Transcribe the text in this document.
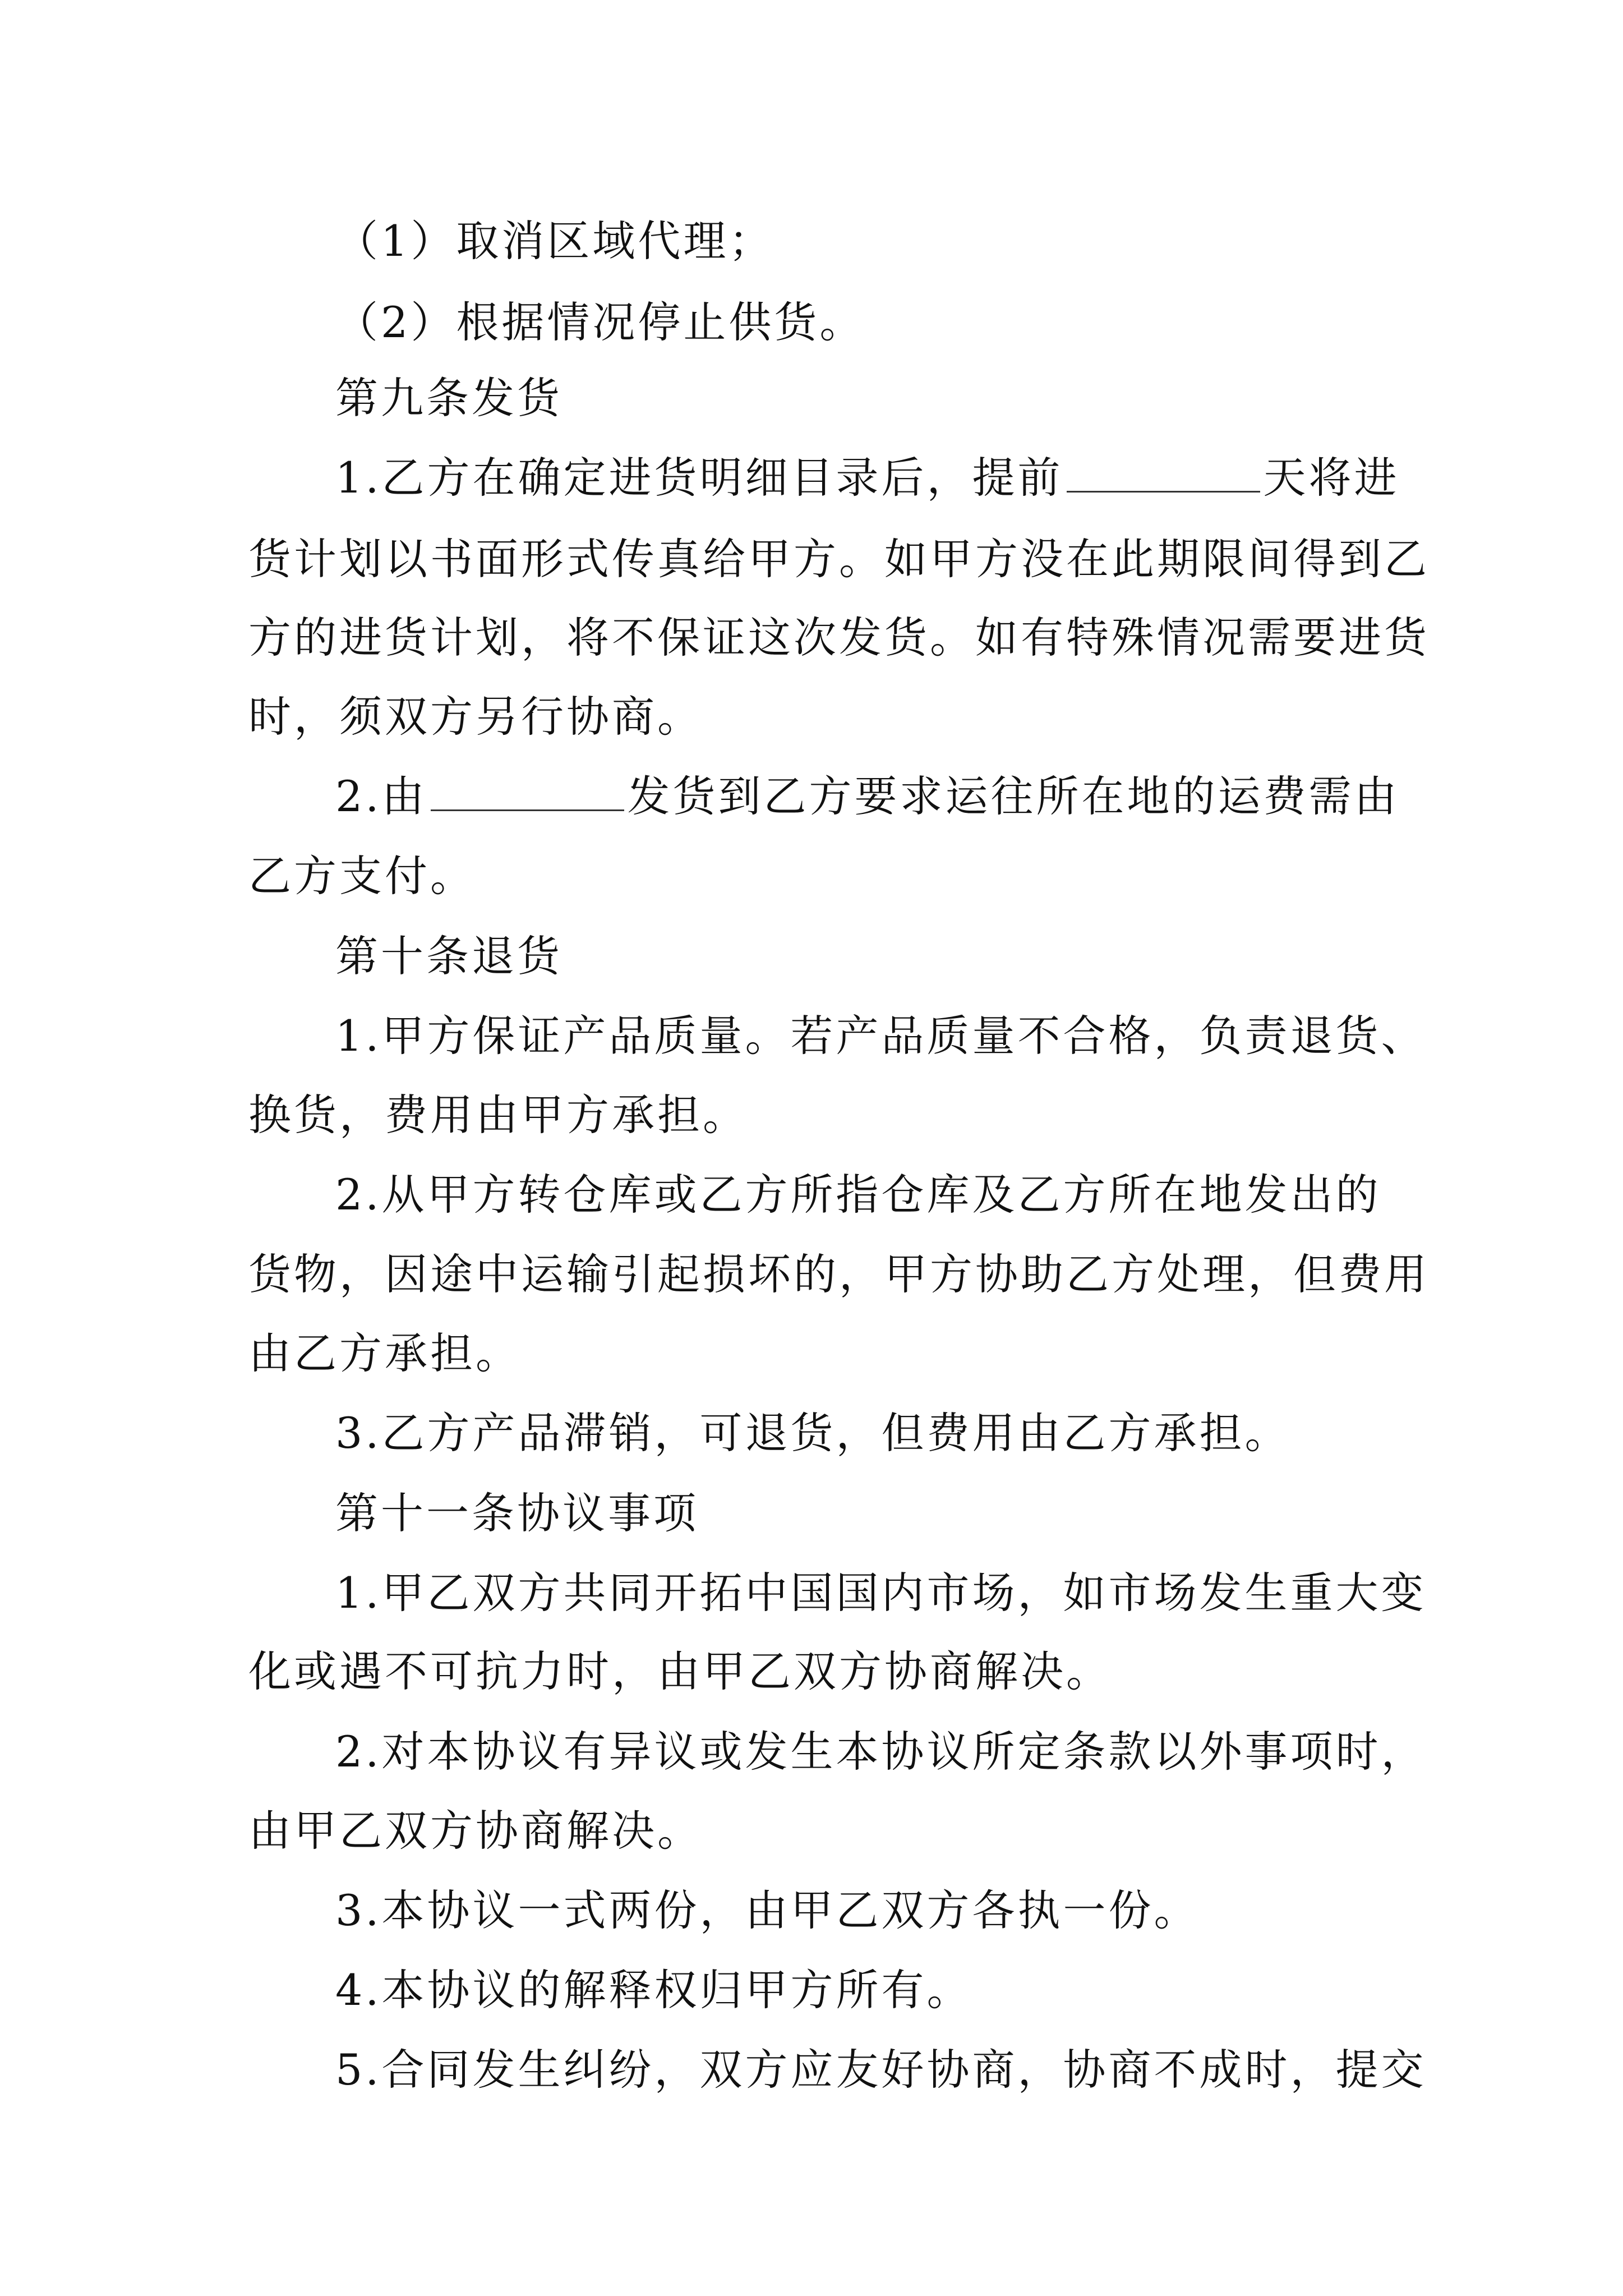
（1）取消区域代理；
（2）根据情况停止供货。
第九条发货
1.乙方在确定进货明细目录后，提前	天将进
货计划以书面形式传真给甲方。如甲方没在此期限间得到乙
方的进货计划，将不保证这次发货。如有特殊情况需要进货
时，须双方另行协商。
2.由	发货到乙方要求运往所在地的运费需由
乙方支付。
第十条退货
1.甲方保证产品质量。若产品质量不合格，负责退货、
换货，费用由甲方承担。
2.从甲方转仓库或乙方所指仓库及乙方所在地发出的
货物，因途中运输引起损坏的，甲方协助乙方处理，但费用
由乙方承担。
3.乙方产品滞销，可退货，但费用由乙方承担。
第十一条协议事项
1.甲乙双方共同开拓中国国内市场，如市场发生重大变
化或遇不可抗力时，由甲乙双方协商解决。
2.对本协议有异议或发生本协议所定条款以外事项时，
由甲乙双方协商解决。
3.本协议一式两份，由甲乙双方各执一份。
4.本协议的解释权归甲方所有。
5.合同发生纠纷，双方应友好协商，协商不成时，提交
